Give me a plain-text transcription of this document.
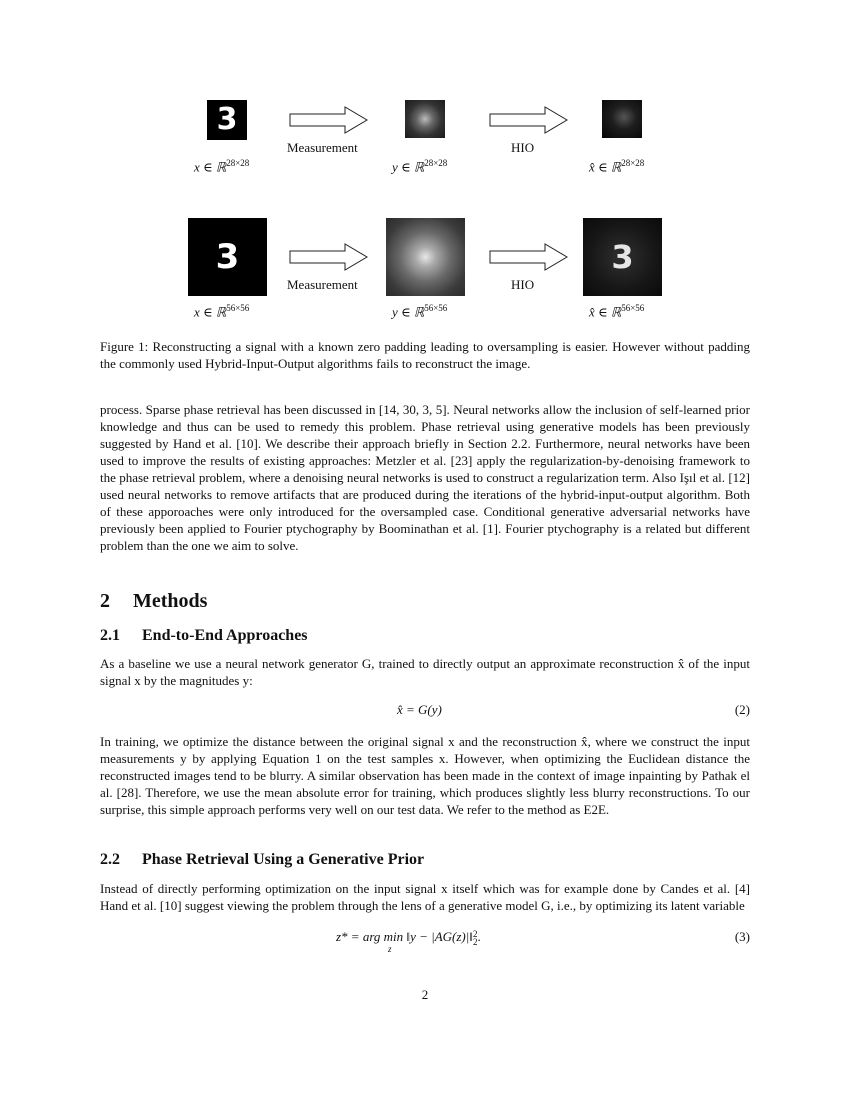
3
Measurement	HIO
x ∈ ℝ$^{28\times 28}$	y ∈ ℝ$^{28\times 28}$	x̂ ∈ ℝ$^{28\times 28}$
3
Measurement	HIO
3
x ∈ ℝ$^{56\times 56}$	y ∈ ℝ$^{56\times 56}$	x̂ ∈ ℝ$^{56\times 56}$
Figure 1: Reconstructing a signal with a known zero padding leading to oversampling is easier. However without padding the commonly used Hybrid-Input-Output algorithms fails to reconstruct the image.
process. Sparse phase retrieval has been discussed in [14, 30, 3, 5]. Neural networks allow the inclusion of self-learned prior knowledge and thus can be used to remedy this problem. Phase retrieval using generative models has been previously suggested by Hand et al. [10]. We describe their approach briefly in Section 2.2. Furthermore, neural networks have been used to improve the results of existing approaches: Metzler et al. [23] apply the regularization-by-denoising framework to the phase retrieval problem, where a denoising neural networks is used to construct a regularization term. Also Işıl et al. [12] used neural networks to remove artifacts that are produced during the iterations of the hybrid-input-output algorithm. Both of these apporoaches were only introduced for the oversampled case. Conditional generative adversarial networks have previously been applied to Fourier ptychography by Boominathan et al. [1]. Fourier ptychography is a related but different problem than the one we aim to solve.
2 Methods
2.1 End-to-End Approaches
As a baseline we use a neural network generator G, trained to directly output an approximate reconstruction x̂ of the input signal x by the magnitudes y:
x̂ = G(y)	(2)
In training, we optimize the distance between the original signal x and the reconstruction x̂, where we construct the input measurements y by applying Equation 1 on the test samples x. However, when optimizing the Euclidean distance the reconstructed images tend to be blurry. A similar observation has been made in the context of image inpainting by Pathak el al. [28]. Therefore, we use the mean absolute error for training, which produces slightly less blurry reconstructions. To our surprise, this simple approach performs very well on our test data. We refer to the method as E2E.
2.2 Phase Retrieval Using a Generative Prior
Instead of directly performing optimization on the input signal x itself which was for example done by Candes et al. [4] Hand et al. [10] suggest viewing the problem through the lens of a generative model G, i.e., by optimizing its latent variable
z* = arg min ‖y − |AG(z)|‖2
2.
z
(3)
2
